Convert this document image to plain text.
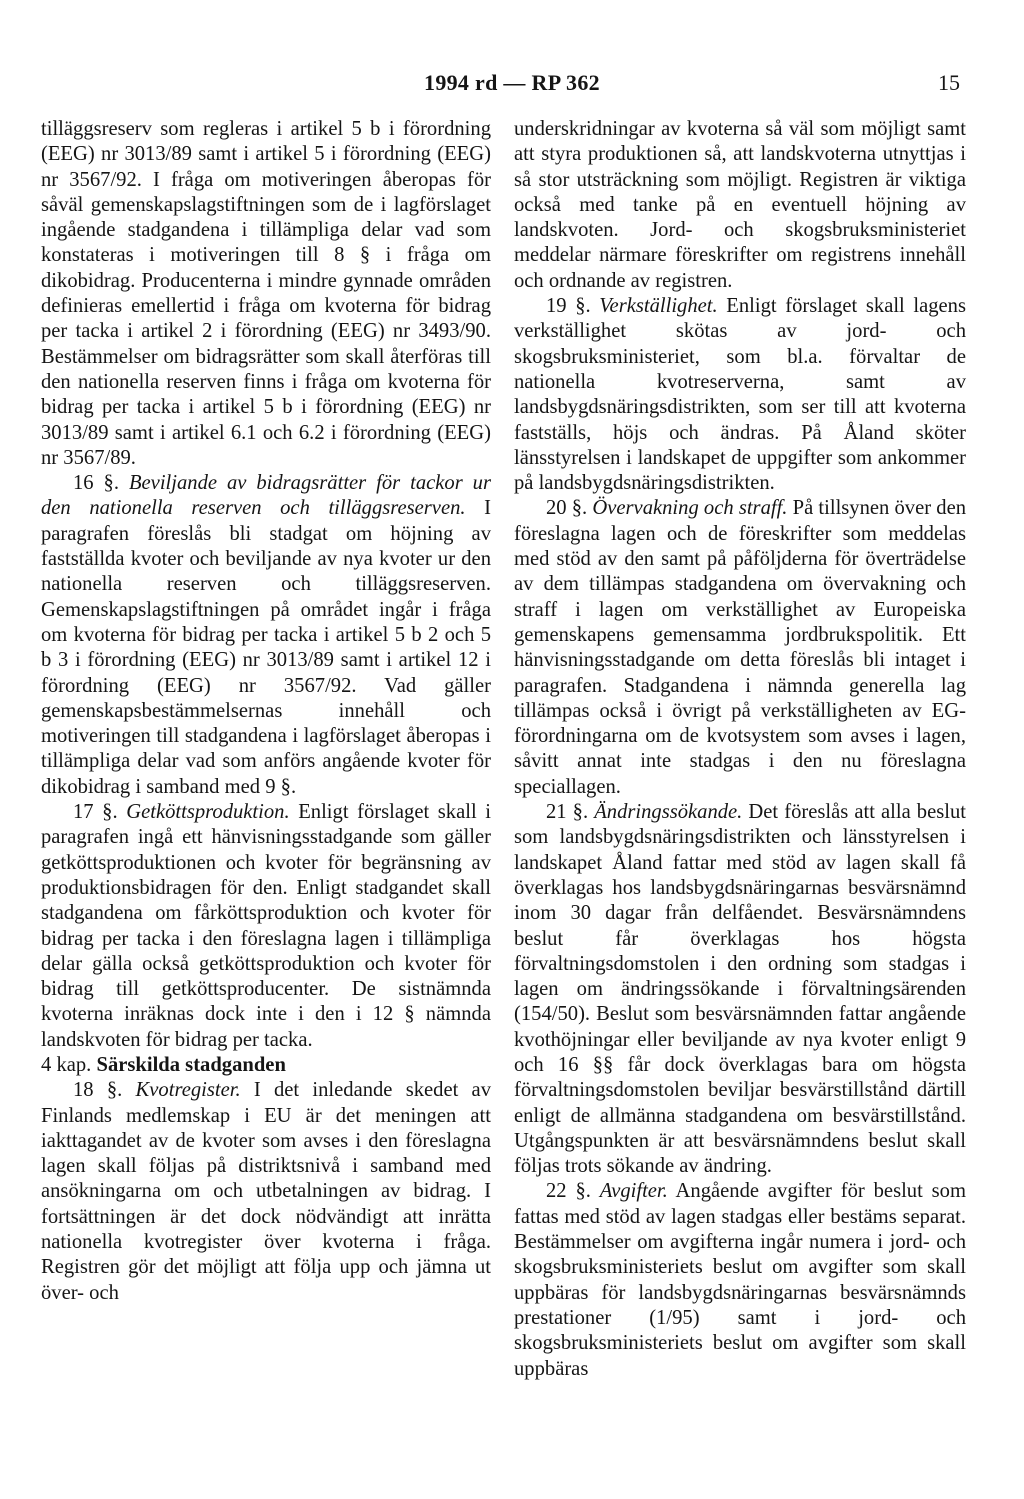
1994 rd — RP 362	15

tilläggsreserv som regleras i artikel 5 b i förordning (EEG) nr 3013/89 samt i artikel 5 i förordning (EEG) nr 3567/92. I fråga om motiveringen åberopas för såväl gemenskapslagstiftningen som de i lagförslaget ingående stadgandena i tillämpliga delar vad som konstateras i motiveringen till 8 § i fråga om dikobidrag. Producenterna i mindre gynnade områden definieras emellertid i fråga om kvoterna för bidrag per tacka i artikel 2 i förordning (EEG) nr 3493/90. Bestämmelser om bidragsrätter som skall återföras till den nationella reserven finns i fråga om kvoterna för bidrag per tacka i artikel 5 b i förordning (EEG) nr 3013/89 samt i artikel 6.1 och 6.2 i förordning (EEG) nr 3567/89.

16 §. Beviljande av bidragsrätter för tackor ur den nationella reserven och tilläggsreserven. I paragrafen föreslås bli stadgat om höjning av fastställda kvoter och beviljande av nya kvoter ur den nationella reserven och tilläggsreserven. Gemenskapslagstiftningen på området ingår i fråga om kvoterna för bidrag per tacka i artikel 5 b 2 och 5 b 3 i förordning (EEG) nr 3013/89 samt i artikel 12 i förordning (EEG) nr 3567/92. Vad gäller gemenskapsbestämmelsernas innehåll och motiveringen till stadgandena i lagförslaget åberopas i tillämpliga delar vad som anförs angående kvoter för dikobidrag i samband med 9 §.

17 §. Getköttsproduktion. Enligt förslaget skall i paragrafen ingå ett hänvisningsstadgande som gäller getköttsproduktionen och kvoter för begränsning av produktionsbidragen för den. Enligt stadgandet skall stadgandena om fårköttsproduktion och kvoter för bidrag per tacka i den föreslagna lagen i tillämpliga delar gälla också getköttsproduktion och kvoter för bidrag till getköttsproducenter. De sistnämnda kvoterna inräknas dock inte i den i 12 § nämnda landskvoten för bidrag per tacka.

4 kap. Särskilda stadganden

18 §. Kvotregister. I det inledande skedet av Finlands medlemskap i EU är det meningen att iakttagandet av de kvoter som avses i den föreslagna lagen skall följas på distriktsnivå i samband med ansökningarna om och utbetalningen av bidrag. I fortsättningen är det dock nödvändigt att inrätta nationella kvotregister över kvoterna i fråga. Registren gör det möjligt att följa upp och jämna ut över- och

underskridningar av kvoterna så väl som möjligt samt att styra produktionen så, att landskvoterna utnyttjas i så stor utsträckning som möjligt. Registren är viktiga också med tanke på en eventuell höjning av landskvoten. Jord- och skogsbruksministeriet meddelar närmare föreskrifter om registrens innehåll och ordnande av registren.

19 §. Verkställighet. Enligt förslaget skall lagens verkställighet skötas av jord- och skogsbruksministeriet, som bl.a. förvaltar de nationella kvotreserverna, samt av landsbygdsnäringsdistrikten, som ser till att kvoterna fastställs, höjs och ändras. På Åland sköter länsstyrelsen i landskapet de uppgifter som ankommer på landsbygdsnäringsdistrikten.

20 §. Övervakning och straff. På tillsynen över den föreslagna lagen och de föreskrifter som meddelas med stöd av den samt på påföljderna för överträdelse av dem tillämpas stadgandena om övervakning och straff i lagen om verkställighet av Europeiska gemenskapens gemensamma jordbrukspolitik. Ett hänvisningsstadgande om detta föreslås bli intaget i paragrafen. Stadgandena i nämnda generella lag tillämpas också i övrigt på verkställigheten av EG-förordningarna om de kvotsystem som avses i lagen, såvitt annat inte stadgas i den nu föreslagna speciallagen.

21 §. Ändringssökande. Det föreslås att alla beslut som landsbygdsnäringsdistrikten och länsstyrelsen i landskapet Åland fattar med stöd av lagen skall få överklagas hos landsbygdsnäringarnas besvärsnämnd inom 30 dagar från delfåendet. Besvärsnämndens beslut får överklagas hos högsta förvaltningsdomstolen i den ordning som stadgas i lagen om ändringssökande i förvaltningsärenden (154/50). Beslut som besvärsnämnden fattar angående kvothöjningar eller beviljande av nya kvoter enligt 9 och 16 §§ får dock överklagas bara om högsta förvaltningsdomstolen beviljar besvärstillstånd därtill enligt de allmänna stadgandena om besvärstillstånd. Utgångspunkten är att besvärsnämndens beslut skall följas trots sökande av ändring.

22 §. Avgifter. Angående avgifter för beslut som fattas med stöd av lagen stadgas eller bestäms separat. Bestämmelser om avgifterna ingår numera i jord- och skogsbruksministeriets beslut om avgifter som skall uppbäras för landsbygdsnäringarnas besvärsnämnds prestationer (1/95) samt i jord- och skogsbruksministeriets beslut om avgifter som skall uppbäras
